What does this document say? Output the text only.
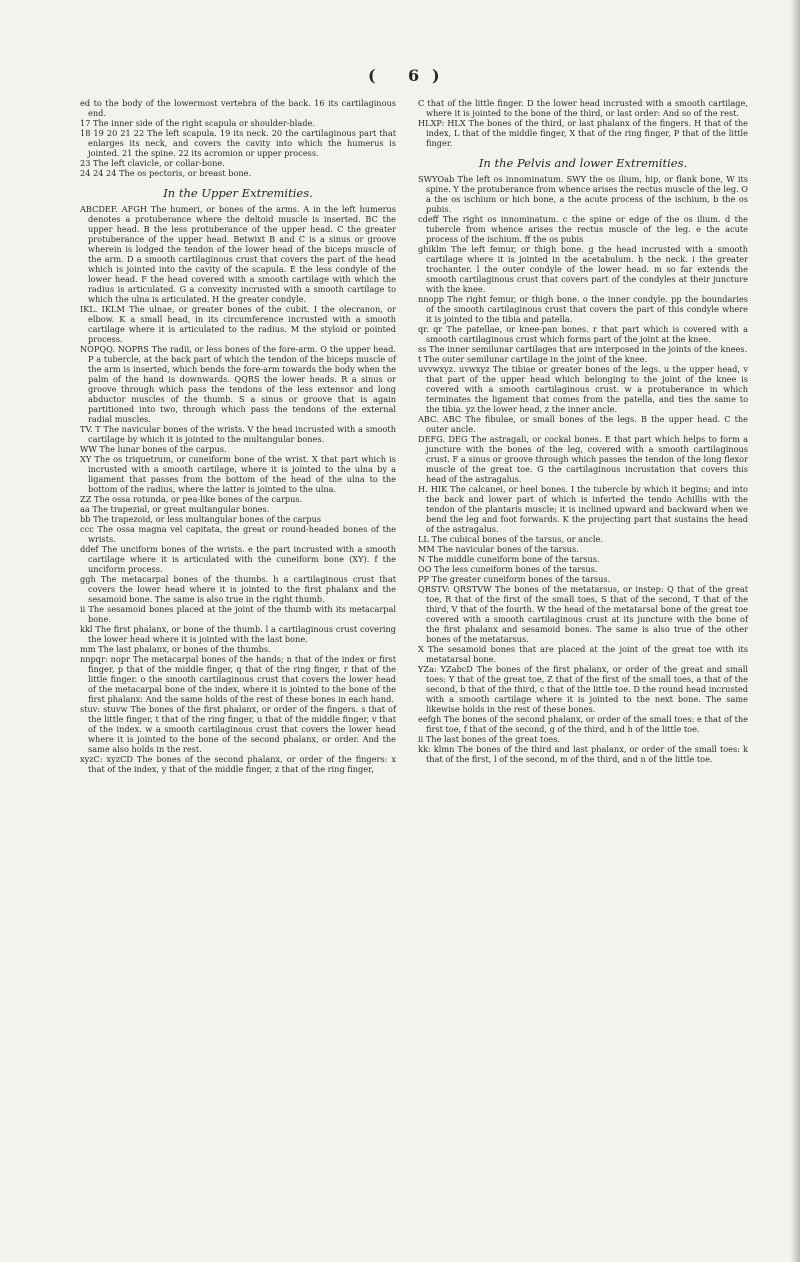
( 6 )

ed to the body of the lowermost vertebra of the back. 16 its cartilaginous end.

17 The inner side of the right scapula or shoulder-blade.

18 19 20 21 22 The left scapula. 19 its neck. 20 the cartilaginous part that enlarges its neck, and covers the cavity into which the humerus is jointed. 21 the spine. 22 its acromion or upper process.

23 The left clavicle, or collar-bone.

24 24 24 The os pectoris, or breast bone.

In the Upper Extremities.

ABCDEF. AFGH The humeri, or bones of the arms. A in the left humerus denotes a protuberance where the deltoid muscle is inserted. BC the upper head. B the less protuberance of the upper head. C the greater protuberance of the upper head. Betwixt B and C is a sinus or groove wherein is lodged the tendon of the lower head of the biceps muscle of the arm. D a smooth cartilaginous crust that covers the part of the head which is jointed into the cavity of the scapula. E the less condyle of the lower head. F the head covered with a smooth cartilage with which the radius is articulated. G a convexity incrusted with a smooth cartilage to which the ulna is articulated. H the greater condyle.

IKL. IKLM The ulnae, or greater bones of the cubit. I the olecranon, or elbow. K a small head, in its circumference incrusted with a smooth cartilage where it is articulated to the radius. M the styloid or pointed process.

NOPQQ. NOPRS The radii, or less bones of the fore-arm. O the upper head. P a tubercle, at the back part of which the tendon of the biceps muscle of the arm is inserted, which bends the fore-arm towards the body when the palm of the hand is downwards. QQRS the lower heads. R a sinus or groove through which pass the tendons of the less extensor and long abductor muscles of the thumb. S a sinus or groove that is again partitioned into two, through which pass the tendons of the external radial muscles.

TV. T The navicular bones of the wrists. V the head incrusted with a smooth cartilage by which it is jointed to the multangular bones.

WW The lunar bones of the carpus.

XY The os triquetrum, or cuneiform bone of the wrist. X that part which is incrusted with a smooth cartilage, where it is jointed to the ulna by a ligament that passes from the bottom of the head of the ulna to the bottom of the radius, where the latter is jointed to the ulna.

ZZ The ossa rotunda, or pea-like bones of the carpus.

aa The trapezial, or great multangular bones.

bb The trapezoid, or less multangular bones of the carpus

ccc The ossa magna vel capitata, the great or round-headed bones of the wrists.

ddef The unciform bones of the wrists. e the part incrusted with a smooth cartilage where it is articulated with the cuneiform bone (XY). f the unciform process.

ggh The metacarpal bones of the thumbs. h a cartilaginous crust that covers the lower head where it is jointed to the first phalanx and the sesamoid bone. The same is also true in the right thumb.

ii The sesamoid bones placed at the joint of the thumb with its metacarpal bone.

kkl The first phalanx, or bone of the thumb. l a cartilaginous crust covering the lower head where it is jointed with the last bone.

mm The last phalanx, or bones of the thumbs.

nnpqr: nopr The metacarpal bones of the hands; n that of the index or first finger, p that of the middle finger, q that of the ring finger, r that of the little finger. o the smooth cartilaginous crust that covers the lower head of the metacarpal bone of the index, where it is jointed to the bone of the first phalanx: And the same holds of the rest of these bones in each hand.

stuv: stuvw The bones of the first phalanx, or order of the fingers. s that of the little finger, t that of the ring finger, u that of the middle finger, v that of the index. w a smooth cartilaginous crust that covers the lower head where it is jointed to the bone of the second phalanx, or order. And the same also holds in the rest.

xyzC: xyzCD The bones of the second phalanx, or order of the fingers: x that of the index, y that of the middle finger, z that of the ring finger,

C that of the little finger. D the lower head incrusted with a smooth cartilage, where it is jointed to the bone of the third, or last order: And so of the rest.

HLXP: HLX The bones of the third, or last phalanx of the fingers. H that of the index, L that of the middle finger, X that of the ring finger, P that of the little finger.

In the Pelvis and lower Extremities.

SWYOab The left os innominatum. SWY the os ilium, hip, or flank bone, W its spine. Y the protuberance from whence arises the rectus muscle of the leg. O a the os ischium or hich bone, a the acute process of the ischium, b the os pubis.

cdeff The right os innominatum. c the spine or edge of the os ilium. d the tubercle from whence arises the rectus muscle of the leg. e the acute process of the ischium. ff the os pubis

ghiklm The left femur, or thigh bone. g the head incrusted with a smooth cartilage where it is jointed in the acetabulum. h the neck. i the greater trochanter. l the outer condyle of the lower head. m so far extends the smooth cartilaginous crust that covers part of the condyles at their juncture with the knee.

nnopp The right femur, or thigh bone. o the inner condyle. pp the boundaries of the smooth cartilaginous crust that covers the part of this condyle where it is jointed to the tibia and patella.

qr. qr The patellae, or knee-pan bones. r that part which is covered with a smooth cartilaginous crust which forms part of the joint at the knee.

ss The inner semilunar cartilages that are interposed in the joints of the knees.

t The outer semilunar cartilage in the joint of the knee.

uvvwxyz. uvwxyz The tibiae or greater bones of the legs. u the upper head, v that part of the upper head which belonging to the joint of the knee is covered with a smooth cartilaginous crust. w a protuberance in which terminates the ligament that comes from the patella, and ties the same to the tibia. yz the lower head, z the inner ancle.

ABC. ABC The fibulae, or small bones of the legs. B the upper head. C the outer ancle.

DEFG. DEG The astragali, or cockal bones. E that part which helps to form a juncture with the bones of the leg, covered with a smooth cartilaginous crust. F a sinus or groove through which passes the tendon of the long flexor muscle of the great toe. G the cartilaginous incrustation that covers this head of the astragalus.

H. HIK The calcanei, or heel bones. I the tubercle by which it begins; and into the back and lower part of which is inferted the tendo Achillis with the tendon of the plantaris muscle; it is inclined upward and backward when we bend the leg and foot forwards. K the projecting part that sustains the head of the astragalus.

LL The cubical bones of the tarsus, or ancle.

MM The navicular bones of the tarsus.

N The middle cuneiform bone of the tarsus.

OO The less cuneiform bones of the tarsus.

PP The greater cuneiform bones of the tarsus.

QRSTV: QRSTVW The bones of the metatarsus, or instep: Q that of the great toe, R that of the first of the small toes, S that of the second, T that of the third, V that of the fourth. W the head of the metatarsal bone of the great toe covered with a smooth cartilaginous crust at its juncture with the bone of the first phalanx and sesamoid bones. The same is also true of the other bones of the metatarsus.

X The sesamoid bones that are placed at the joint of the great toe with its metatarsal bone.

YZa: YZabcD The bones of the first phalanx, or order of the great and small toes: Y that of the great toe, Z that of the first of the small toes, a that of the second, b that of the third, c that of the little toe. D the round head incrusted with a smooth cartilage where it is jointed to the next bone. The same likewise holds in the rest of these bones.

eefgh The bones of the second phalanx, or order of the small toes: e that of the first toe, f that of the second, g of the third, and h of the little toe.

ii The last bones of the great toes.

kk: klmn The bones of the third and last phalanx, or order of the small toes: k that of the first, l of the second, m of the third, and n of the little toe.
